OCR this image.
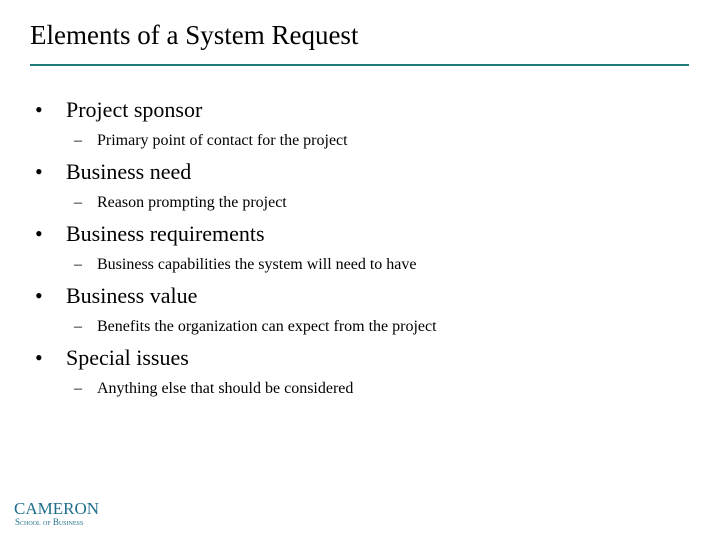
Elements of a System Request
• Project sponsor
– Primary point of contact for the project
• Business need
– Reason prompting the project
• Business requirements
– Business capabilities the system will need to have
• Business value
– Benefits the organization can expect from the project
• Special issues
– Anything else that should be considered
CAMERON
School of Business
